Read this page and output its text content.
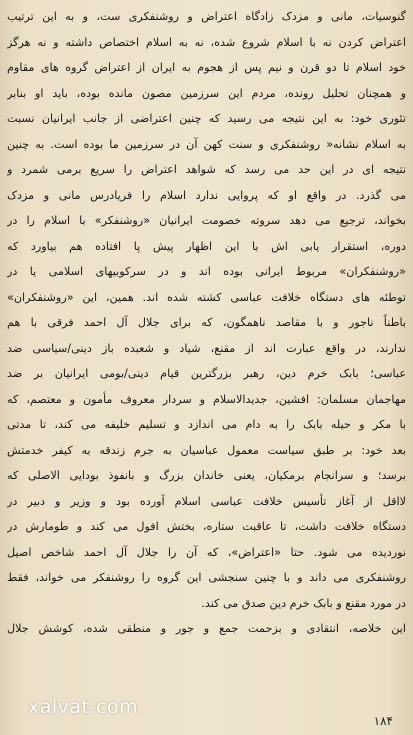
گنوسیات، مانی و مزدک زادگاه اعتراض و روشنفکری ست، و به این ترتیب
اعتراض کردن نه با اسلام شروع شده، نه به اسلام اختصاص داشته و نه هرگز
خود اسلام تا دو قرن و نیم پس از هجوم به ایران از اعتراض گروه های مقاوم
و همچنان تحلیل رونده، مردم این سرزمین مصون مانده بوده، باید او بنابر
تئوری خود: به این نتیجه می رسید که چنین اعتراضی از جانب ایرانیان نسبت
به اسلام نشانه« روشنفکری و سنت کهن آن در سرزمین ما بوده است. به چنین
نتیجه ای در این حد می رسد که شواهد اعتراض را سریع برمی شمرد و
می گذرد. در واقع او که پروایی ندارد اسلام را فریادرس مانی و مزدک
بخواند، ترجیع می دهد سروته خصومت ایرانیان «روشنفکر» با اسلام را در
دوره، استقرار یابی اش با این اظهار پیش پا افتاده هم بیاورد که
«روشنفکران» مربوط ایرانی بوده اند و در سرکوبیهای اسلامی یا در
توطئه های دستگاه خلافت عباسی کشته شده اند. همین، این «روشنفکران»
باطناً ناجور و با مقاصد ناهمگون، که برای جلال آل احمد فرقی با هم
ندارند، در واقع عبارت اند از مقنع، شیاد و شعبده باز دینی/سیاسی ضد
عباسی؛ بابک خرم دین، رهبر بزرگترین قیام دینی/بومی ایرانیان بر ضد
مهاجمان مسلمان: افشین، جدیدالاسلام و سردار معروف مأمون و معتصم، که
با مکر و حیله بابک را به دام می اندازد و تسلیم خلیفه می کند، تا مدتی
بعد خود: بر طبق سیاست معمول عباسیان به جرم زندقه به کیفر خدمتش
برسد؛ و سرانجام برمکیان، یعنی خاندان بزرگ و بانفوذ بودایی الاصلی که
لااقل از آغاز تأسیس خلافت عباسی اسلام آورده بود و وزیر و دبیر در
دستگاه خلافت داشت، تا عاقبت ستاره، بختش افول می کند و طومارش در
نوردیده می شود. حتا «اعتراض»، که آن را جلال آل احمد شاخص اصیل
روشنفکری می داند و با چنین سنجشی این گروه را روشنفکر می خواند، فقط
در مورد مقنع و بابک خرم دین صدق می کند.
این خلاصه، انتقادی و بزحمت جمع و جور و منطقی شده، کوشش جلال
xalvat.com
۱۸۴
